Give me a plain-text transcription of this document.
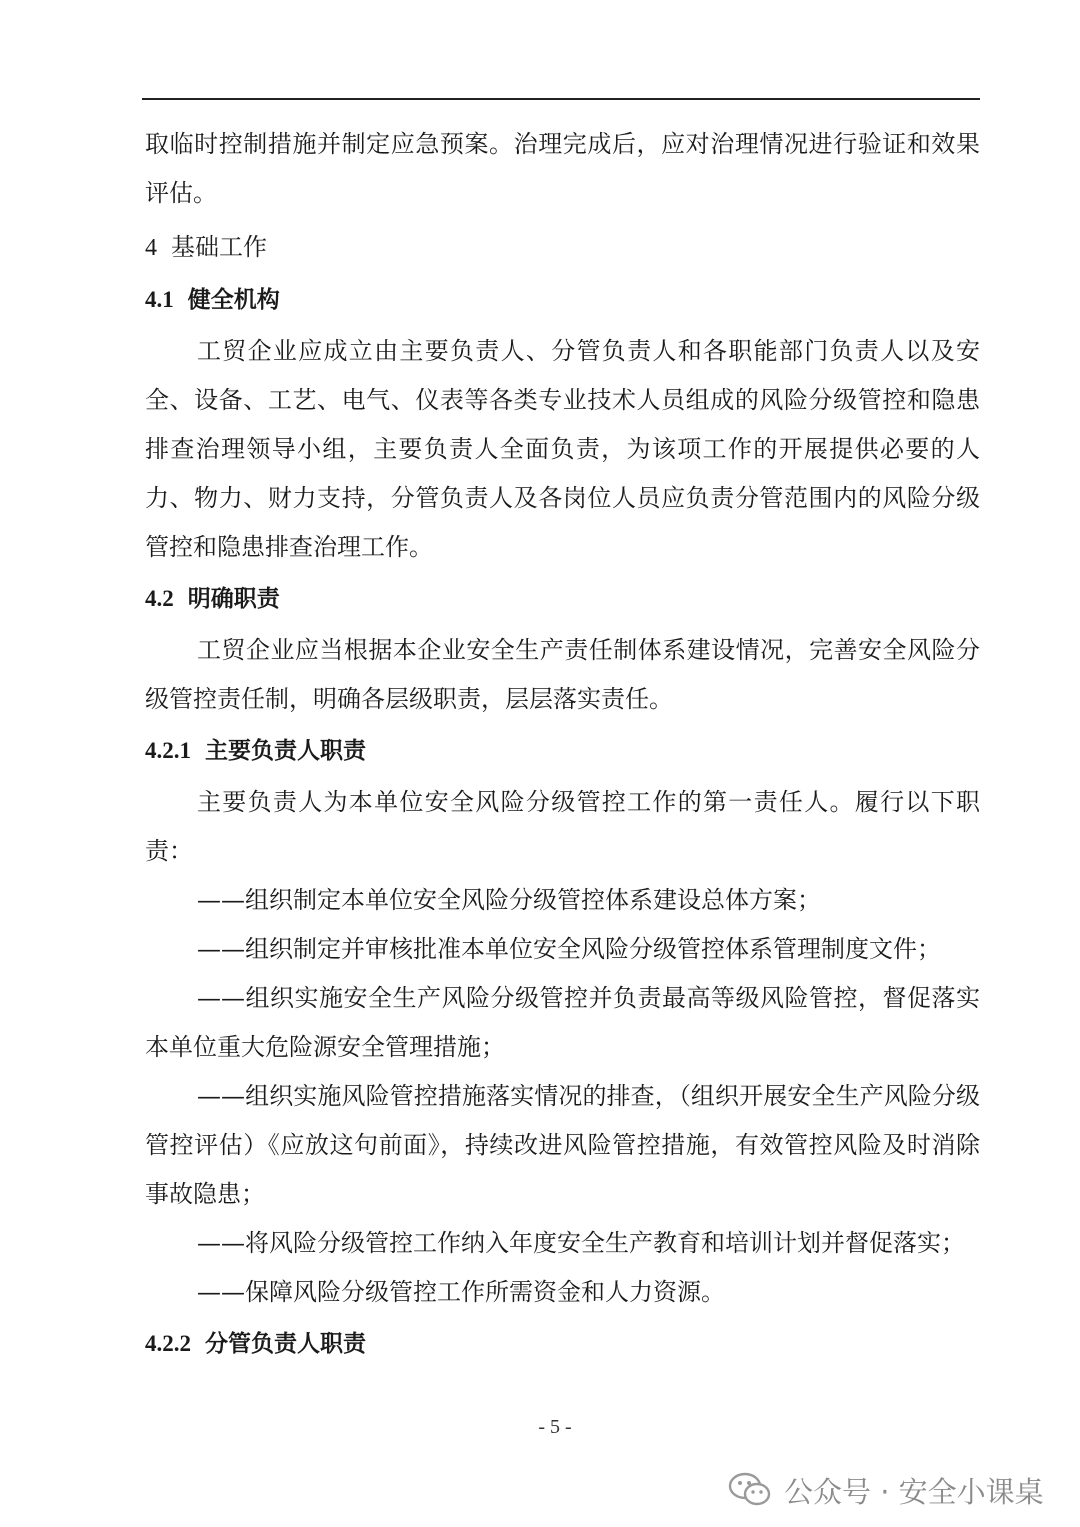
取临时控制措施并制定应急预案。治理完成后，应对治理情况进行验证和效果评估。

4 基础工作
4.1 健全机构

工贸企业应成立由主要负责人、分管负责人和各职能部门负责人以及安全、设备、工艺、电气、仪表等各类专业技术人员组成的风险分级管控和隐患排查治理领导小组，主要负责人全面负责，为该项工作的开展提供必要的人力、物力、财力支持，分管负责人及各岗位人员应负责分管范围内的风险分级管控和隐患排查治理工作。

4.2 明确职责

工贸企业应当根据本企业安全生产责任制体系建设情况，完善安全风险分级管控责任制，明确各层级职责，层层落实责任。

4.2.1 主要负责人职责

主要负责人为本单位安全风险分级管控工作的第一责任人。履行以下职责：

——组织制定本单位安全风险分级管控体系建设总体方案；

——组织制定并审核批准本单位安全风险分级管控体系管理制度文件；

——组织实施安全生产风险分级管控并负责最高等级风险管控，督促落实本单位重大危险源安全管理措施；

——组织实施风险管控措施落实情况的排查，（组织开展安全生产风险分级管控评估）《应放这句前面》，持续改进风险管控措施，有效管控风险及时消除事故隐患；

——将风险分级管控工作纳入年度安全生产教育和培训计划并督促落实；

——保障风险分级管控工作所需资金和人力资源。

4.2.2 分管负责人职责
- 5 -
公众号 · 安全小课桌
